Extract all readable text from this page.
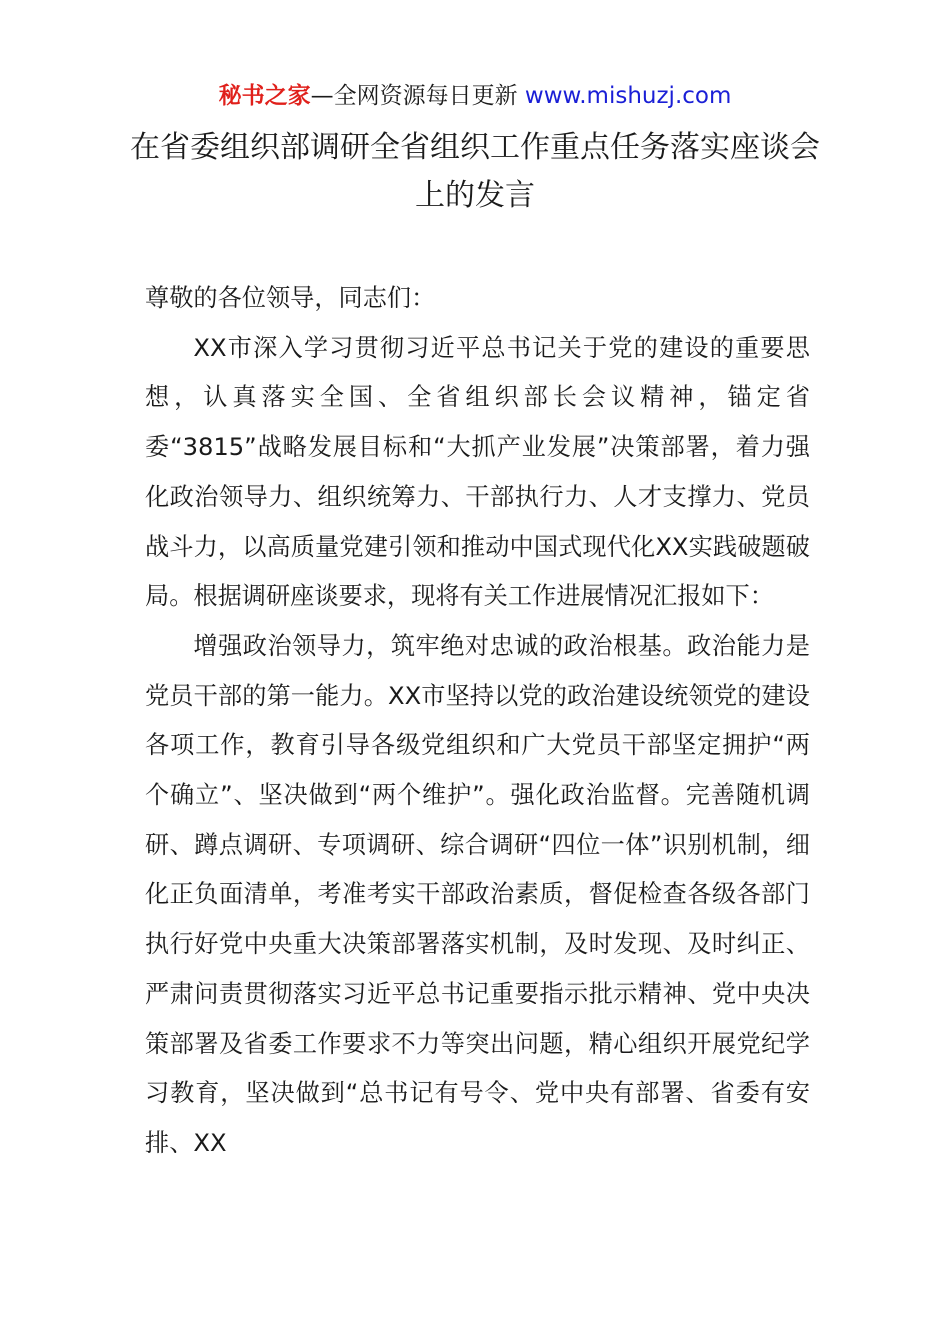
秘书之家—全网资源每日更新 www.mishuzj.com
在省委组织部调研全省组织工作重点任务落实座谈会上的发言

尊敬的各位领导，同志们：

XX市深入学习贯彻习近平总书记关于党的建设的重要思想，认真落实全国、全省组织部长会议精神，锚定省委“3815”战略发展目标和“大抓产业发展”决策部署，着力强化政治领导力、组织统筹力、干部执行力、人才支撑力、党员战斗力，以高质量党建引领和推动中国式现代化XX实践破题破局。根据调研座谈要求，现将有关工作进展情况汇报如下：

增强政治领导力，筑牢绝对忠诚的政治根基。政治能力是党员干部的第一能力。XX市坚持以党的政治建设统领党的建设各项工作，教育引导各级党组织和广大党员干部坚定拥护“两个确立”、坚决做到“两个维护”。强化政治监督。完善随机调研、蹲点调研、专项调研、综合调研“四位一体”识别机制，细化正负面清单，考准考实干部政治素质，督促检查各级各部门执行好党中央重大决策部署落实机制，及时发现、及时纠正、严肃问责贯彻落实习近平总书记重要指示批示精神、党中央决策部署及省委工作要求不力等突出问题，精心组织开展党纪学习教育，坚决做到“总书记有号令、党中央有部署、省委有安排、XX
